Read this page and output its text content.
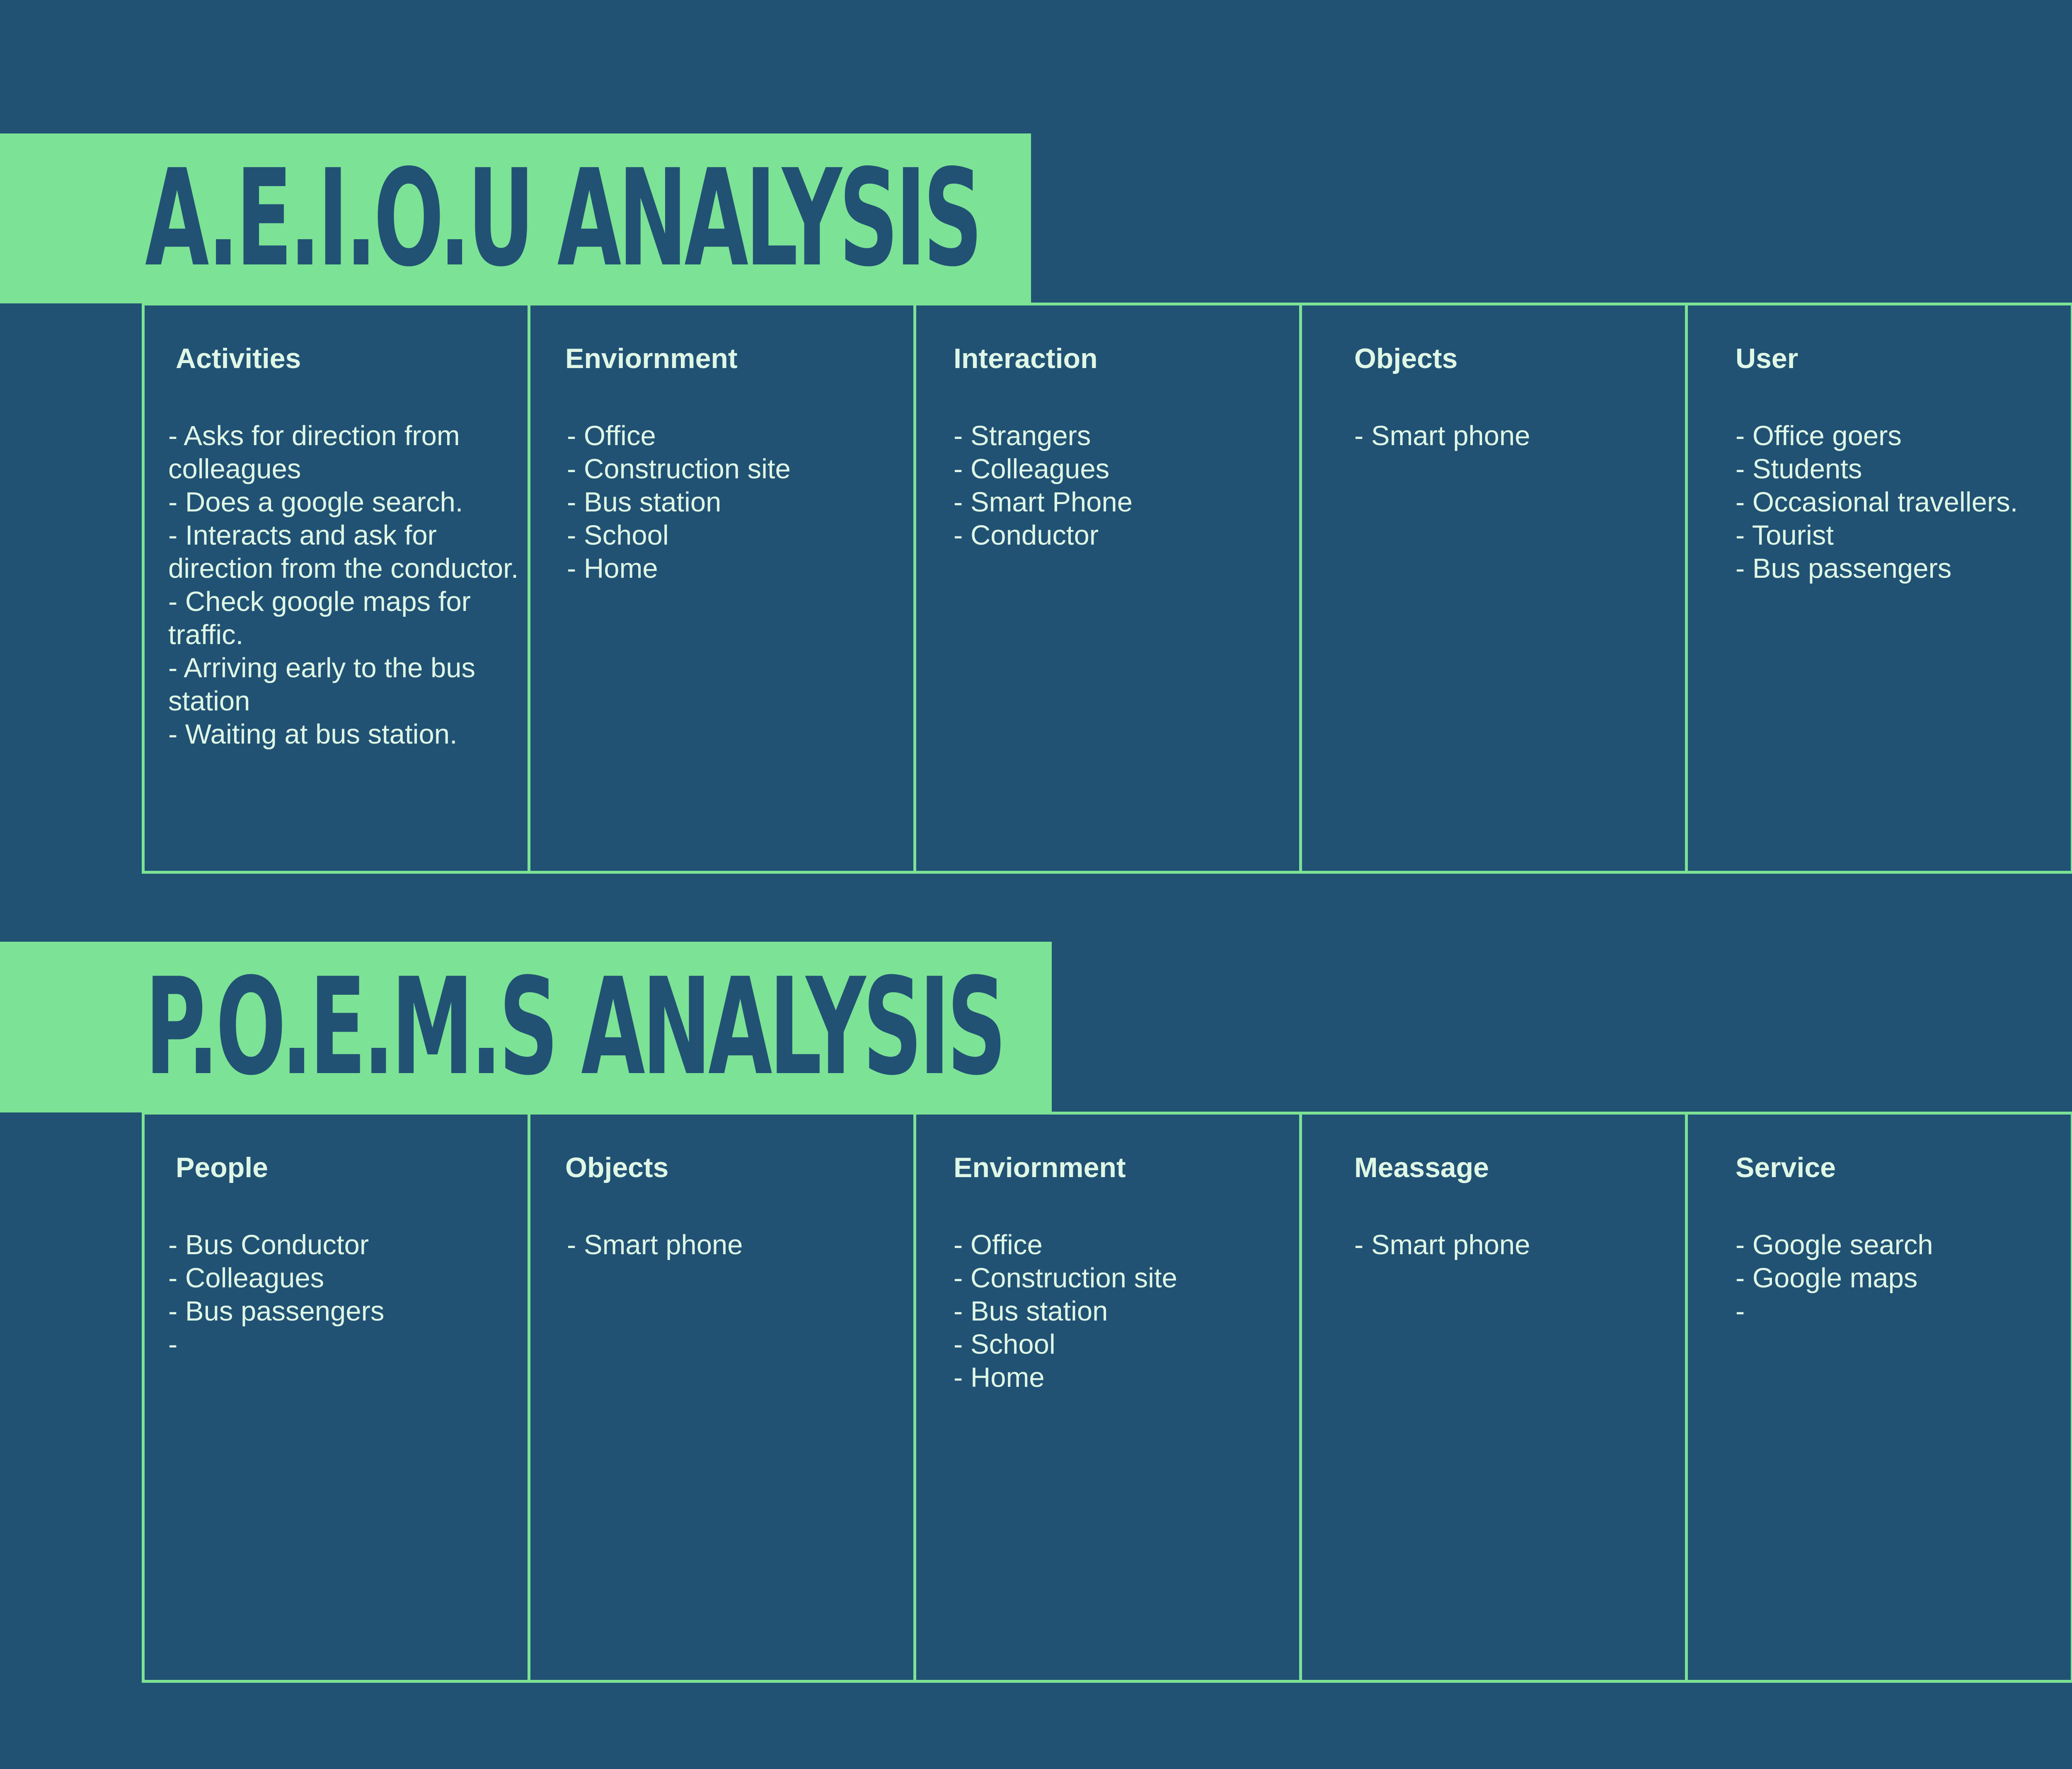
A.E.I.O.U ANALYSIS
Activities
- Asks for direction from colleagues
- Does a google search.
- Interacts and ask for direction from the conductor.
- Check google maps for traffic.
- Arriving early to the bus station
- Waiting at bus station.
Enviornment
- Office
- Construction site
- Bus station
- School
- Home
Interaction
- Strangers
- Colleagues
- Smart Phone
- Conductor
Objects
- Smart phone
User
- Office goers
- Students
- Occasional travellers.
- Tourist
- Bus passengers
P.O.E.M.S ANALYSIS
People
- Bus Conductor
- Colleagues
- Bus passengers
-
Objects
- Smart phone
Enviornment
- Office
- Construction site
- Bus station
- School
- Home
Meassage
- Smart phone
Service
- Google search
- Google maps
-
